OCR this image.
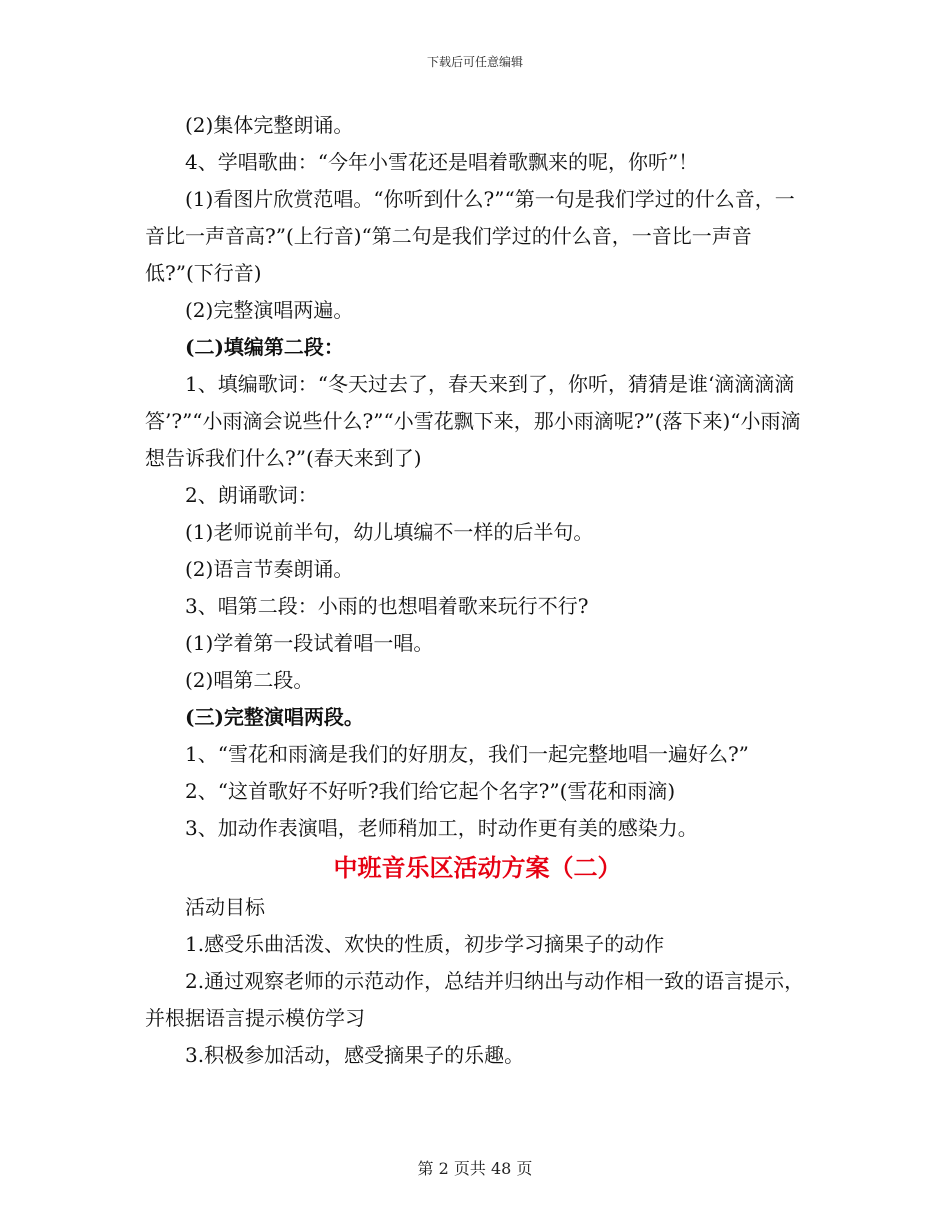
下载后可任意编辑
(2)集体完整朗诵。
4、学唱歌曲：“今年小雪花还是唱着歌飘来的呢，你听”！
(1)看图片欣赏范唱。“你听到什么?”“第一句是我们学过的什么音，一音比一声音高?”(上行音)“第二句是我们学过的什么音，一音比一声音低?”(下行音)
(2)完整演唱两遍。
(二)填编第二段：
1、填编歌词：“冬天过去了，春天来到了，你听，猜猜是谁‘滴滴滴滴答’?”“小雨滴会说些什么?”“小雪花飘下来，那小雨滴呢?”(落下来)“小雨滴想告诉我们什么?”(春天来到了)
2、朗诵歌词：
(1)老师说前半句，幼儿填编不一样的后半句。
(2)语言节奏朗诵。
3、唱第二段：小雨的也想唱着歌来玩行不行?
(1)学着第一段试着唱一唱。
(2)唱第二段。
(三)完整演唱两段。
1、“雪花和雨滴是我们的好朋友，我们一起完整地唱一遍好么?”
2、“这首歌好不好听?我们给它起个名字?”(雪花和雨滴)
3、加动作表演唱，老师稍加工，时动作更有美的感染力。
中班音乐区活动方案（二）
活动目标
1.感受乐曲活泼、欢快的性质，初步学习摘果子的动作
2.通过观察老师的示范动作，总结并归纳出与动作相一致的语言提示，并根据语言提示模仿学习
3.积极参加活动，感受摘果子的乐趣。
第 2 页共 48 页
